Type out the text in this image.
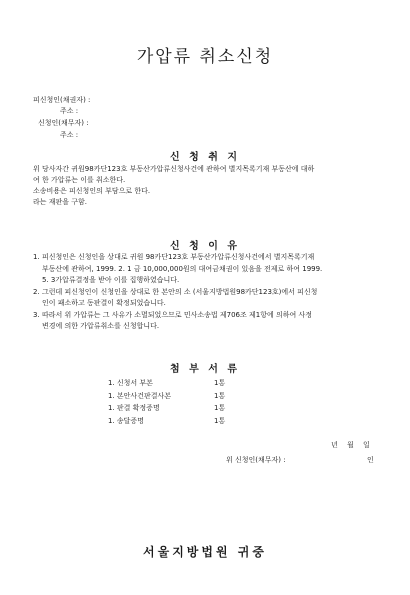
가압류 취소신청
피신청인(채권자) :
주소 :
신청인(채무자) :
주소 :
신 청 취 지
위 당사자간 귀원98카단123호 부동산가압류신청사건에 관하여 별지목록기재 부동산에 대하
여 한 가압류는 이를 취소한다.
소송비용은 피신청인의 부담으로 한다.
라는 재판을 구함.
신 청 이 유
1. 피신청인은 신청인을 상대로 귀원 98카단123호 부동산가압류신청사건에서 별지목록기재
부동산에 관하여, 1999. 2. 1 금 10,000,000원의 대여금채권이 있음을 전제로 하여 1999.
5. 3가압류결정을 받아 이를 집행하였습니다.
2. 그런데 피신청인이 신청인을 상대로 한 본안의 소 (서울지방법원98카단123호)에서 피신청
인이 패소하고 동판결이 확정되었습니다.
3. 따라서 위 가압류는 그 사유가 소멸되었으므로 민사소송법 제706조 제1항에 의하여 사정
변경에 의한 가압류취소를 신청합니다.
첨 부 서 류
1. 신청서 부본	1통
1. 본안사건판결사본	1통
1. 판결 확정증명	1통
1. 송달증명	1통
년 월 일
위 신청인(채무자) :	인
서울지방법원 귀중
